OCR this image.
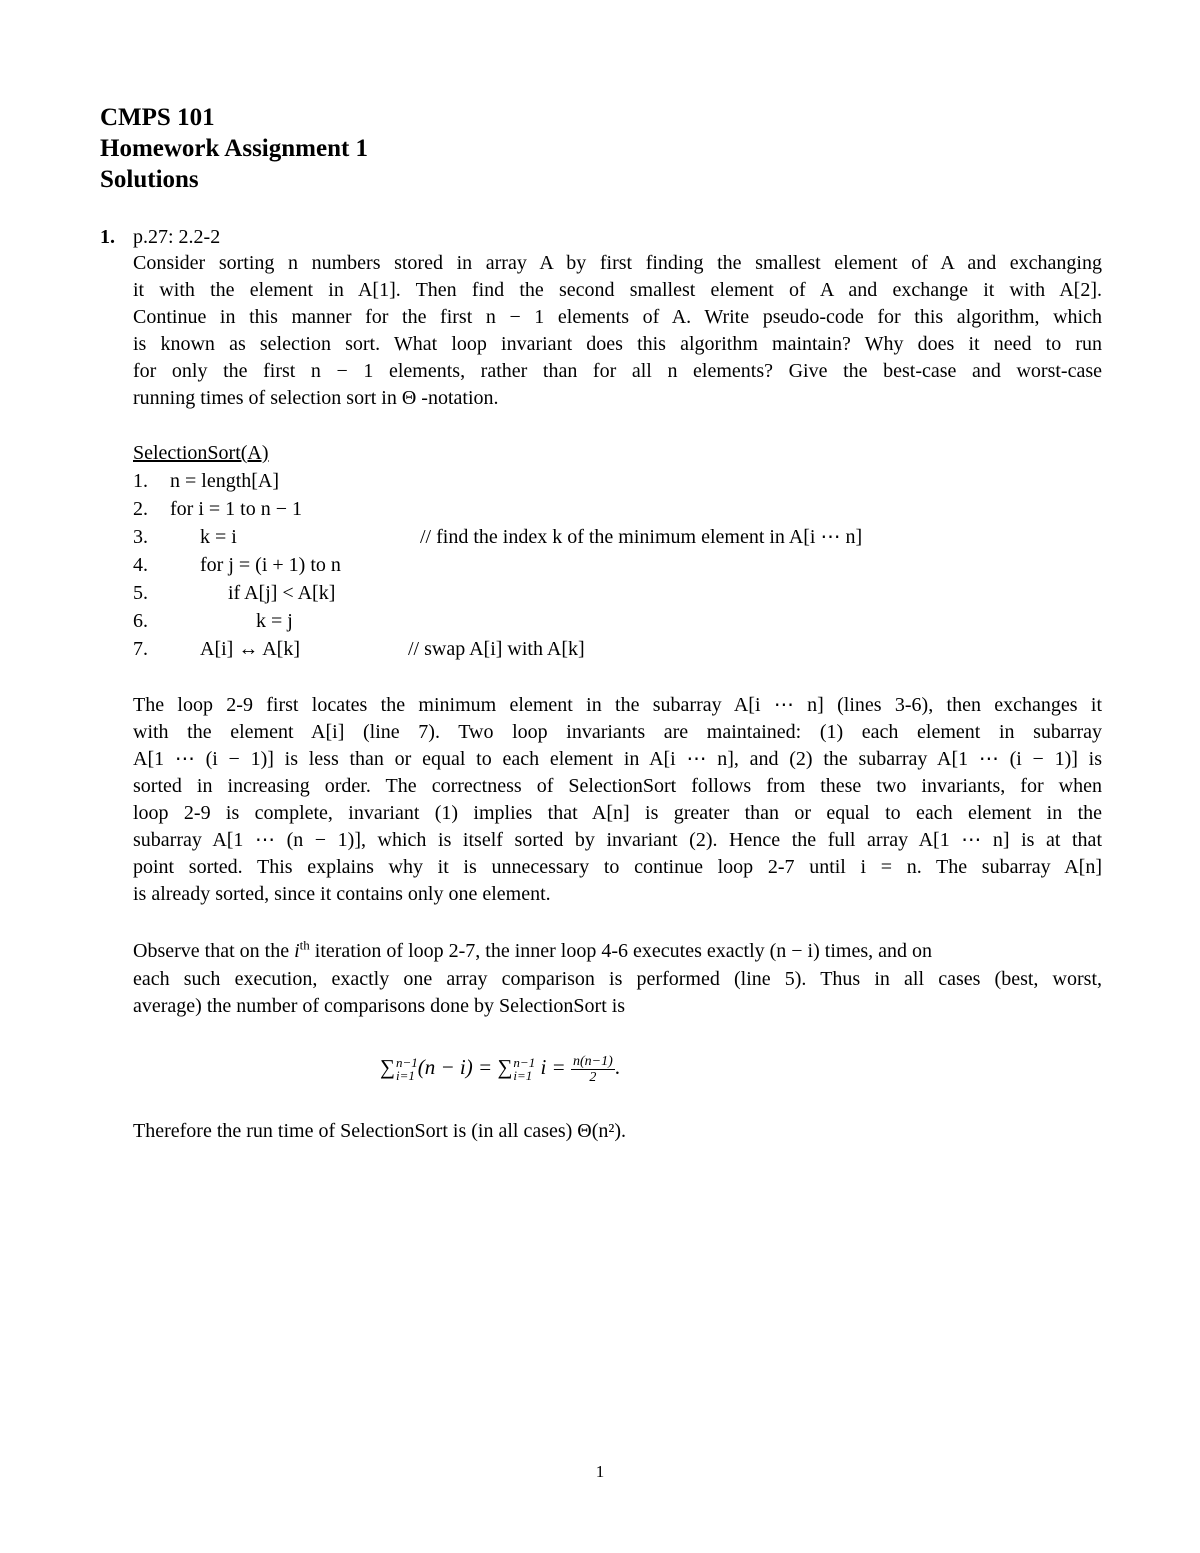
CMPS 101
Homework Assignment 1
Solutions
1. p.27: 2.2-2
Consider sorting n numbers stored in array A by first finding the smallest element of A and exchanging
it with the element in A[1]. Then find the second smallest element of A and exchange it with A[2].
Continue in this manner for the first n − 1 elements of A. Write pseudo-code for this algorithm, which
is known as selection sort. What loop invariant does this algorithm maintain? Why does it need to run
for only the first n − 1 elements, rather than for all n elements? Give the best-case and worst-case
running times of selection sort in Θ -notation.
SelectionSort(A)
1. n = length[A]
2. for i = 1 to n − 1
3.	k = i	// find the index k of the minimum element in A[i ⋯ n]
4.	for j = (i + 1) to n
5.	if A[j] < A[k]
6.	k = j
7.	A[i] ↔ A[k]	// swap A[i] with A[k]
The loop 2-9 first locates the minimum element in the subarray A[i ⋯ n] (lines 3-6), then exchanges it
with the element A[i] (line 7). Two loop invariants are maintained: (1) each element in subarray
A[1 ⋯ (i − 1)] is less than or equal to each element in A[i ⋯ n], and (2) the subarray A[1 ⋯ (i − 1)] is
sorted in increasing order. The correctness of SelectionSort follows from these two invariants, for when
loop 2-9 is complete, invariant (1) implies that A[n] is greater than or equal to each element in the
subarray A[1 ⋯ (n − 1)], which is itself sorted by invariant (2). Hence the full array A[1 ⋯ n] is at that
point sorted. This explains why it is unnecessary to continue loop 2-7 until i = n. The subarray A[n]
is already sorted, since it contains only one element.
Observe that on the $i^{th}$ iteration of loop 2-7, the inner loop 4-6 executes exactly (n − i) times, and on
each such execution, exactly one array comparison is performed (line 5). Thus in all cases (best, worst,
average) the number of comparisons done by SelectionSort is
∑ n−1
i=1 (n − i) = ∑ n−1
i=1 $i = \frac{n(n-1)}{2}$ .
Therefore the run time of SelectionSort is (in all cases) Θ(n²).
1
